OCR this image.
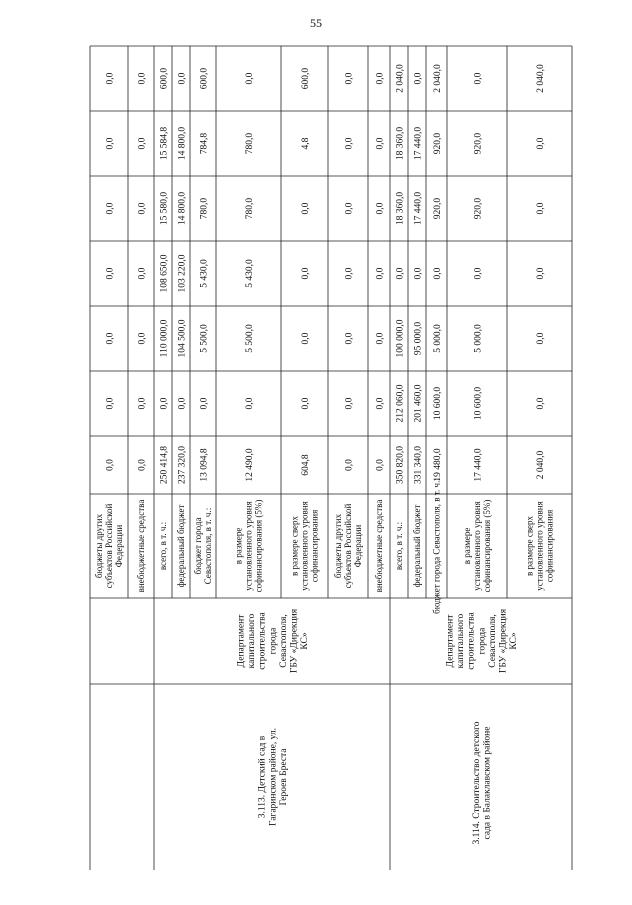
55
бюджеты другихсубъектов РоссийскойФедерации
0,0
0,0
0,0
0,0
0,0
0,0
0,0
внебюджетные средства
0,0
0,0
0,0
0,0
0,0
0,0
0,0
всего, в т. ч.:
600,0
15 584,8
15 580,0
108 650,0
110 000,0
0,0
250 414,8
федеральный бюджет
0,0
14 800,0
14 800,0
103 220,0
104 500,0
0,0
237 320,0
бюджет городаСевастополя, в т. ч.:
600,0
784,8
780,0
5 430,0
5 500,0
0,0
13 094,8
в размереустановленного уровнясофинансирования (5%)
0,0
780,0
780,0
5 430,0
5 500,0
0,0
12 490,0
в размере сверхустановленного уровнясофинансирования
600,0
4,8
0,0
0,0
0,0
0,0
604,8
бюджеты другихсубъектов РоссийскойФедерации
0,0
0,0
0,0
0,0
0,0
0,0
0,0
внебюджетные средства
0,0
0,0
0,0
0,0
0,0
0,0
0,0
всего, в т. ч.:
2 040,0
18 360,0
18 360,0
0,0
100 000,0
212 060,0
350 820,0
федеральный бюджет
0,0
17 440,0
17 440,0
0,0
95 000,0
201 460,0
331 340,0
бюджет города Севастополя, в т. ч.:
2 040,0
920,0
920,0
0,0
5 000,0
10 600,0
19 480,0
в размереустановленного уровнясофинансирования (5%)
0,0
920,0
920,0
0,0
5 000,0
10 600,0
17 440,0
в размере сверхустановленного уровнясофинансирования
2 040,0
0,0
0,0
0,0
0,0
0,0
2 040,0
ДепартаменткапитальногостроительствагородаСевастополя,ГБУ «ДирекцияКС»
3.113. Детский сад вГагаринском районе, ул.Героев Бреста
ДепартаменткапитальногостроительствагородаСевастополя,ГБУ «ДирекцияКС»
3.114. Строительство детскогосада в Балаклавском районе
